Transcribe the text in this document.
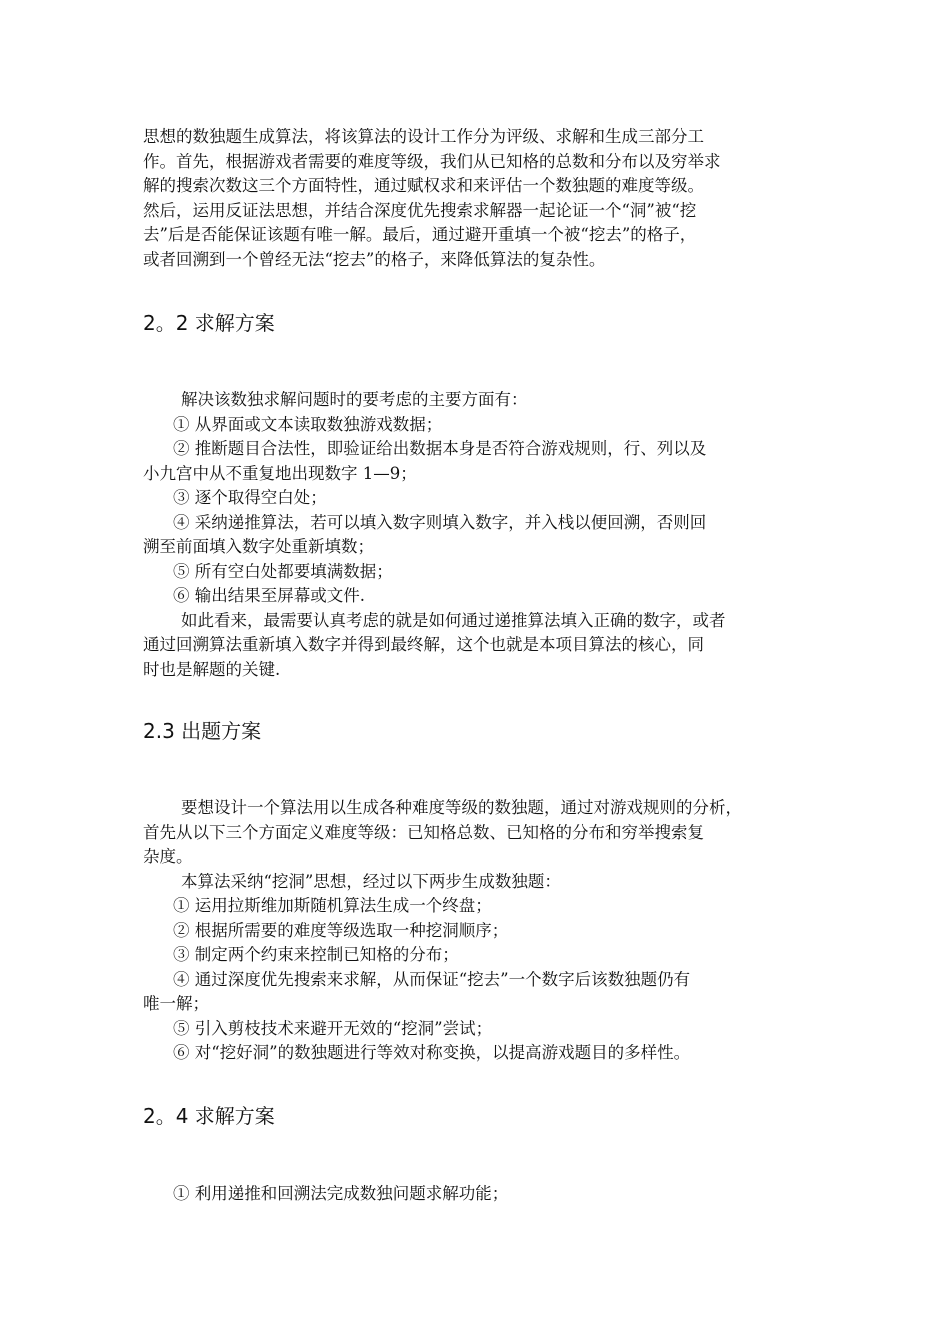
思想的数独题生成算法，将该算法的设计工作分为评级、求解和生成三部分工
作。首先，根据游戏者需要的难度等级，我们从已知格的总数和分布以及穷举求
解的搜索次数这三个方面特性，通过赋权求和来评估一个数独题的难度等级。
然后，运用反证法思想，并结合深度优先搜索求解器一起论证一个“洞”被“挖
去”后是否能保证该题有唯一解。最后，通过避开重填一个被“挖去”的格子，
或者回溯到一个曾经无法“挖去”的格子，来降低算法的复杂性。
2。2 求解方案
解决该数独求解问题时的要考虑的主要方面有：
① 从界面或文本读取数独游戏数据；
② 推断题目合法性，即验证给出数据本身是否符合游戏规则，行、列以及
小九宫中从不重复地出现数字 1—9；
③ 逐个取得空白处；
④ 采纳递推算法，若可以填入数字则填入数字，并入栈以便回溯，否则回
溯至前面填入数字处重新填数；
⑤ 所有空白处都要填满数据；
⑥ 输出结果至屏幕或文件.
如此看来，最需要认真考虑的就是如何通过递推算法填入正确的数字，或者
通过回溯算法重新填入数字并得到最终解，这个也就是本项目算法的核心，同
时也是解题的关键.
2.3 出题方案
要想设计一个算法用以生成各种难度等级的数独题，通过对游戏规则的分析，
首先从以下三个方面定义难度等级：已知格总数、已知格的分布和穷举搜索复
杂度。
本算法采纳“挖洞”思想，经过以下两步生成数独题：
① 运用拉斯维加斯随机算法生成一个终盘；
② 根据所需要的难度等级选取一种挖洞顺序；
③ 制定两个约束来控制已知格的分布；
④ 通过深度优先搜索来求解，从而保证“挖去”一个数字后该数独题仍有
唯一解；
⑤ 引入剪枝技术来避开无效的“挖洞”尝试；
⑥ 对“挖好洞”的数独题进行等效对称变换，以提高游戏题目的多样性。
2。4 求解方案
① 利用递推和回溯法完成数独问题求解功能；
